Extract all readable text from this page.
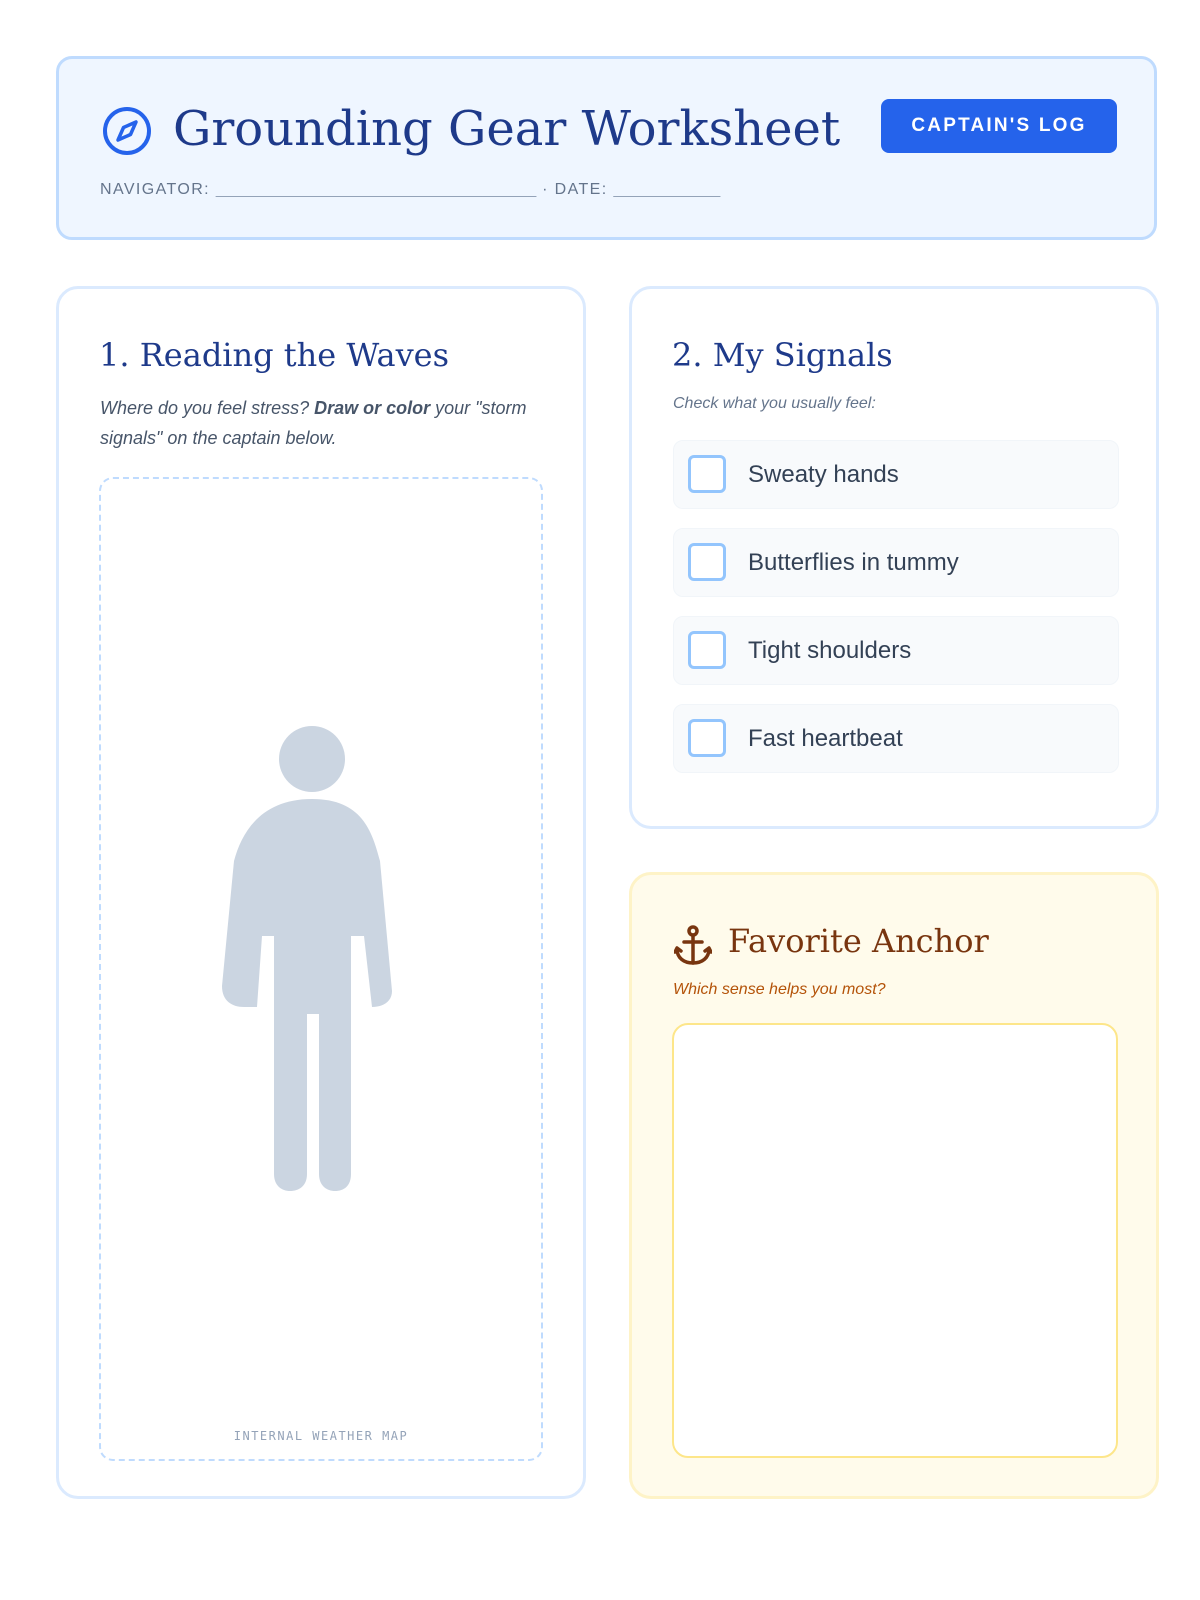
Grounding Gear Worksheet
NAVIGATOR: ____________________________________ · DATE: ____________
CAPTAIN'S LOG
1. Reading the Waves
Where do you feel stress? Draw or color your "storm signals" on the captain below.
INTERNAL WEATHER MAP
2. My Signals
Check what you usually feel:
Sweaty hands
Butterflies in tummy
Tight shoulders
Fast heartbeat
Favorite Anchor
Which sense helps you most?
